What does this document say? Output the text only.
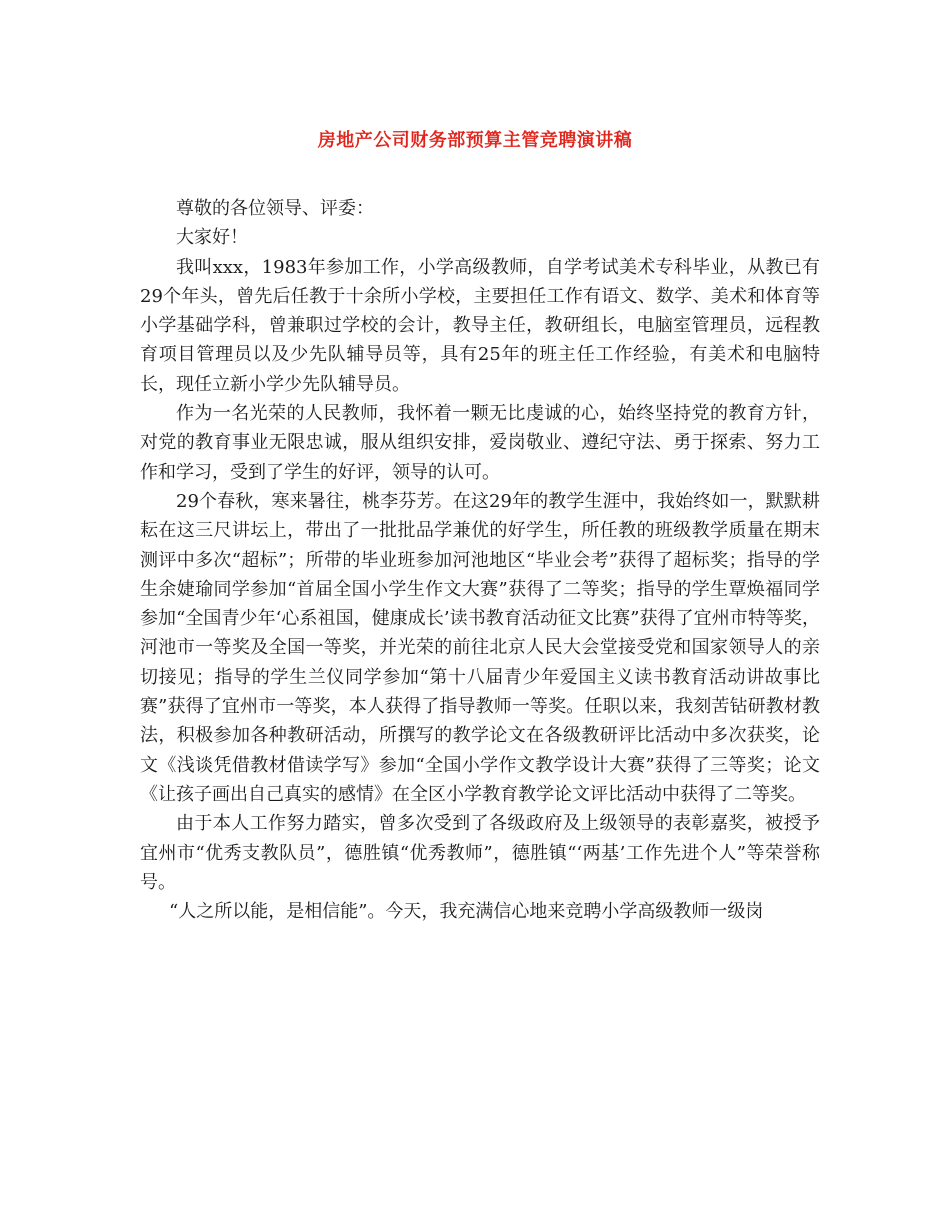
房地产公司财务部预算主管竞聘演讲稿

尊敬的各位领导、评委：

大家好！

我叫xxx，1983年参加工作，小学高级教师，自学考试美术专科毕业，从教已有29个年头，曾先后任教于十余所小学校，主要担任工作有语文、数学、美术和体育等小学基础学科，曾兼职过学校的会计，教导主任，教研组长，电脑室管理员，远程教育项目管理员以及少先队辅导员等，具有25年的班主任工作经验，有美术和电脑特长，现任立新小学少先队辅导员。

作为一名光荣的人民教师，我怀着一颗无比虔诚的心，始终坚持党的教育方针，对党的教育事业无限忠诚，服从组织安排，爱岗敬业、遵纪守法、勇于探索、努力工作和学习，受到了学生的好评，领导的认可。

29个春秋，寒来暑往，桃李芬芳。在这29年的教学生涯中，我始终如一，默默耕耘在这三尺讲坛上，带出了一批批品学兼优的好学生，所任教的班级教学质量在期末测评中多次“超标”；所带的毕业班参加河池地区“毕业会考”获得了超标奖；指导的学生余婕瑜同学参加“首届全国小学生作文大赛”获得了二等奖；指导的学生覃焕福同学参加“全国青少年‘心系祖国，健康成长’读书教育活动征文比赛”获得了宜州市特等奖，河池市一等奖及全国一等奖，并光荣的前往北京人民大会堂接受党和国家领导人的亲切接见；指导的学生兰仪同学参加“第十八届青少年爱国主义读书教育活动讲故事比赛”获得了宜州市一等奖，本人获得了指导教师一等奖。任职以来，我刻苦钻研教材教法，积极参加各种教研活动，所撰写的教学论文在各级教研评比活动中多次获奖，论文《浅谈凭借教材借读学写》参加“全国小学作文教学设计大赛”获得了三等奖；论文《让孩子画出自己真实的感情》在全区小学教育教学论文评比活动中获得了二等奖。

由于本人工作努力踏实，曾多次受到了各级政府及上级领导的表彰嘉奖，被授予宜州市“优秀支教队员”，德胜镇“优秀教师”，德胜镇“‘两基’工作先进个人”等荣誉称号。

“人之所以能，是相信能”。今天，我充满信心地来竞聘小学高级教师一级岗
